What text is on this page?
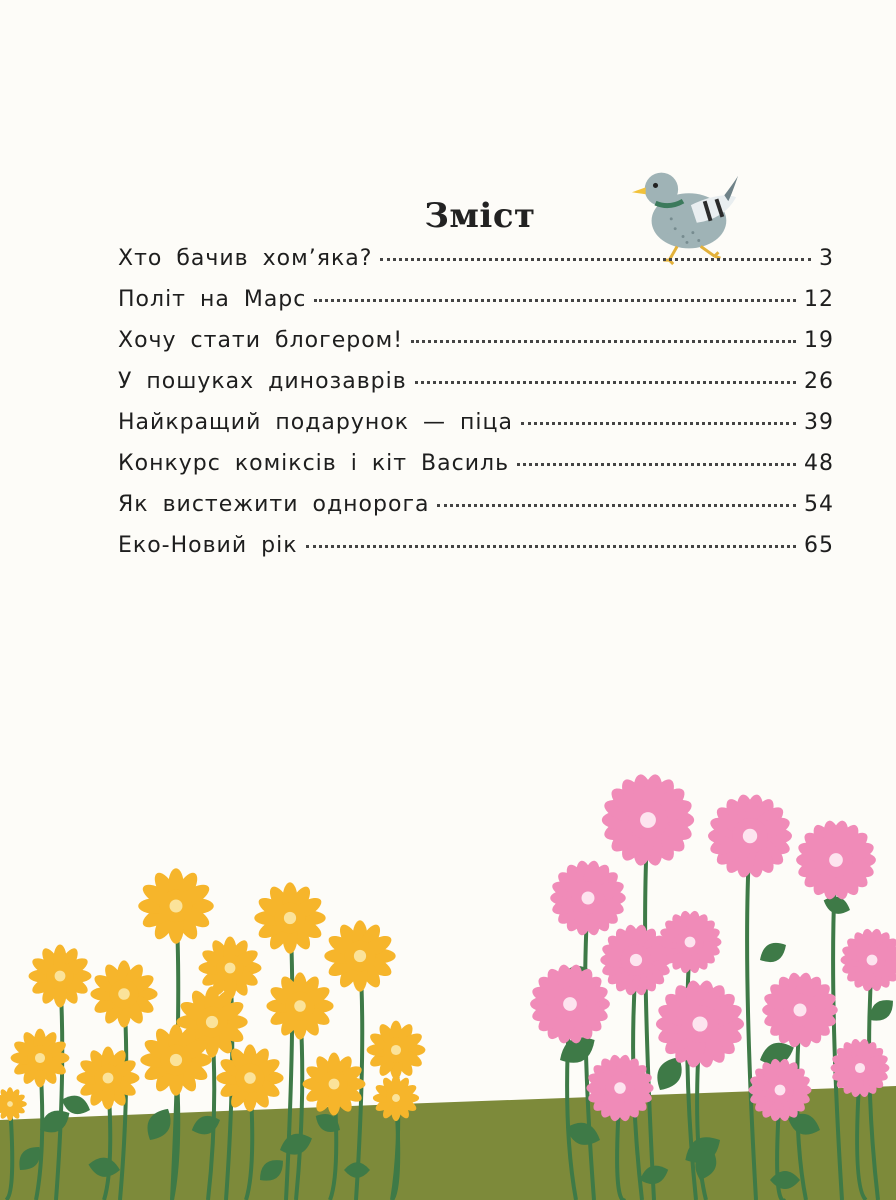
Зміст
Хто бачив хом’яка?	3
Політ на Марс	12
Хочу стати блогером!	19
У пошуках динозаврів	26
Найкращий подарунок — піца	39
Конкурс коміксів і кіт Василь	48
Як вистежити однорога	54
Еко-Новий рік	65
